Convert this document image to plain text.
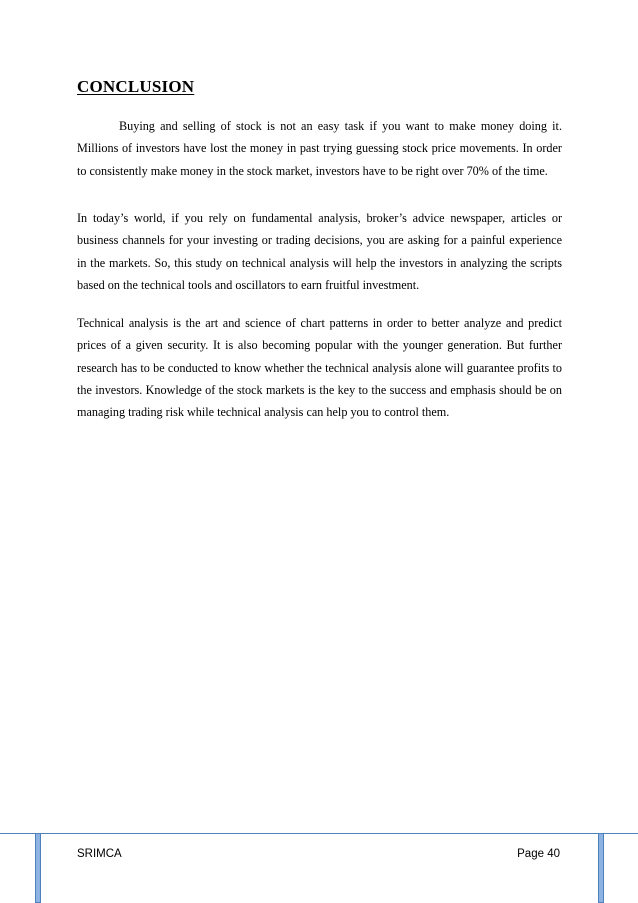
CONCLUSION

Buying and selling of stock is not an easy task if you want to make money doing it. Millions of investors have lost the money in past trying guessing stock price movements. In order to consistently make money in the stock market, investors have to be right over 70% of the time.

In today’s world, if you rely on fundamental analysis, broker’s advice newspaper, articles or business channels for your investing or trading decisions, you are asking for a painful experience in the markets. So, this study on technical analysis will help the investors in analyzing the scripts based on the technical tools and oscillators to earn fruitful investment.

Technical analysis is the art and science of chart patterns in order to better analyze and predict prices of a given security. It is also becoming popular with the younger generation. But further research has to be conducted to know whether the technical analysis alone will guarantee profits to the investors. Knowledge of the stock markets is the key to the success and emphasis should be on managing trading risk while technical analysis can help you to control them.

SRIMCA	Page 40
